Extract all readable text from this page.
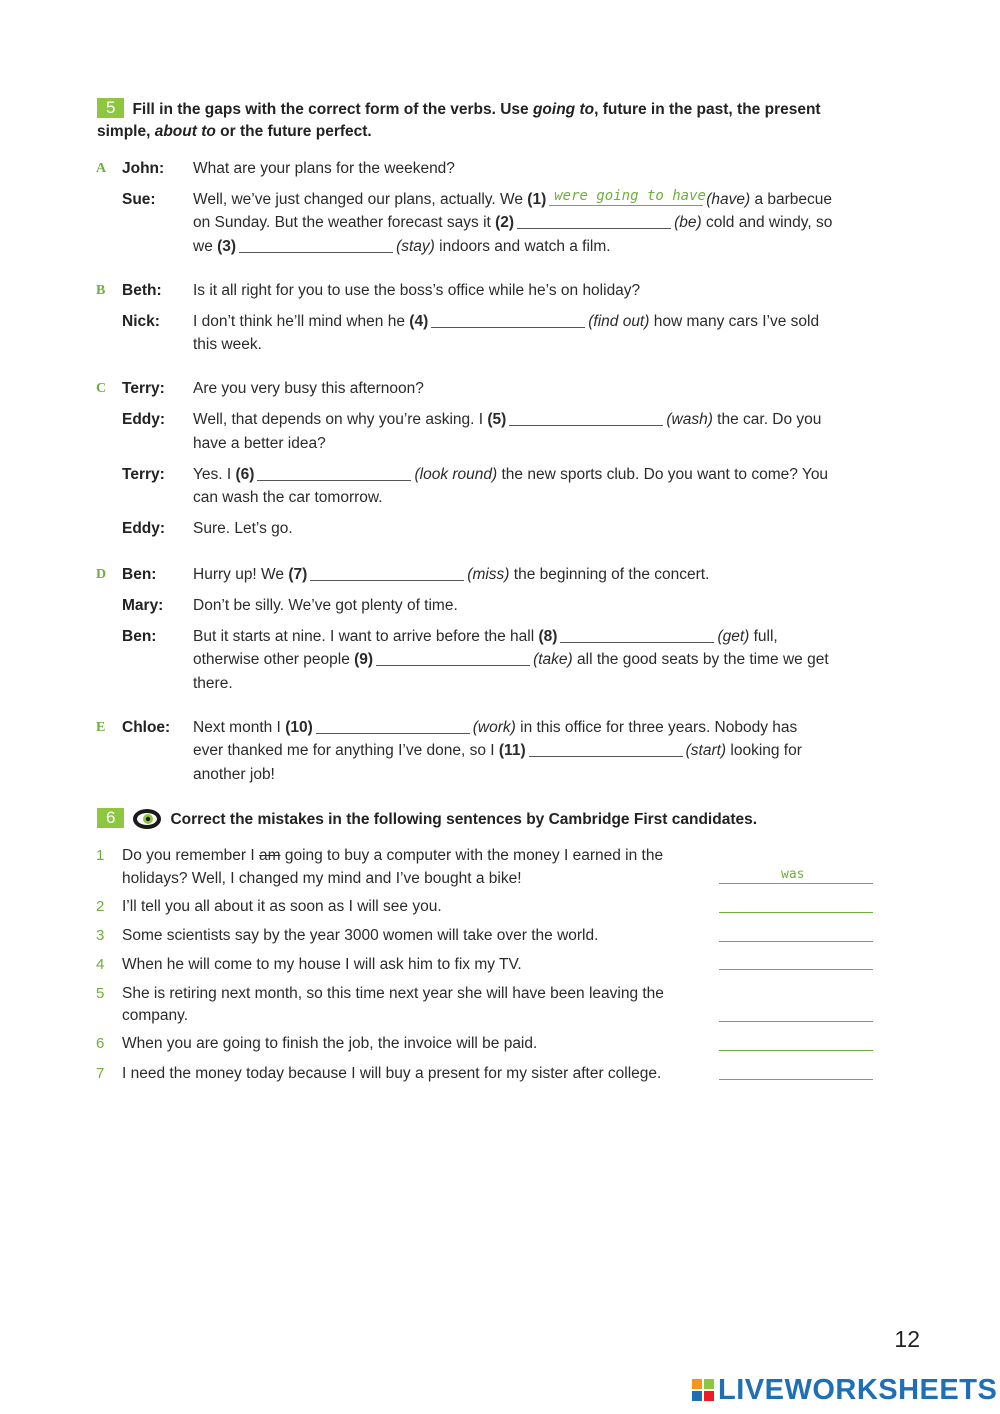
5 Fill in the gaps with the correct form of the verbs. Use going to, future in the past, the present
simple, about to or the future perfect.
A John: What are your plans for the weekend?
Sue: Well, we’ve just changed our plans, actually. We (1) were going to have (have) a barbecue
on Sunday. But the weather forecast says it (2)	(be) cold and windy, so
we (3)	(stay) indoors and watch a film.
B Beth: Is it all right for you to use the boss’s office while he’s on holiday?
Nick: I don’t think he’ll mind when he (4)	(find out) how many cars I’ve sold
this week.
C Terry: Are you very busy this afternoon?
Eddy: Well, that depends on why you’re asking. I (5)	(wash) the car. Do you
have a better idea?
Terry: Yes. I (6)	(look round) the new sports club. Do you want to come? You
can wash the car tomorrow.
Eddy: Sure. Let’s go.
D Ben: Hurry up! We (7)	(miss) the beginning of the concert.
Mary: Don’t be silly. We’ve got plenty of time.
Ben: But it starts at nine. I want to arrive before the hall (8)	(get) full,
otherwise other people (9)	(take) all the good seats by the time we get
there.
E Chloe: Next month I (10)	(work) in this office for three years. Nobody has
ever thanked me for anything I’ve done, so I (11)	(start) looking for
another job!
6	Correct the mistakes in the following sentences by Cambridge First candidates.
1 Do you remember I am going to buy a computer with the money I earned in the
holidays? Well, I changed my mind and I’ve bought a bike!	was
2 I’ll tell you all about it as soon as I will see you.
3 Some scientists say by the year 3000 women will take over the world.
4 When he will come to my house I will ask him to fix my TV.
5 She is retiring next month, so this time next year she will have been leaving the
company.
6 When you are going to finish the job, the invoice will be paid.
7 I need the money today because I will buy a present for my sister after college.
12
LIVEWORKSHEETS
